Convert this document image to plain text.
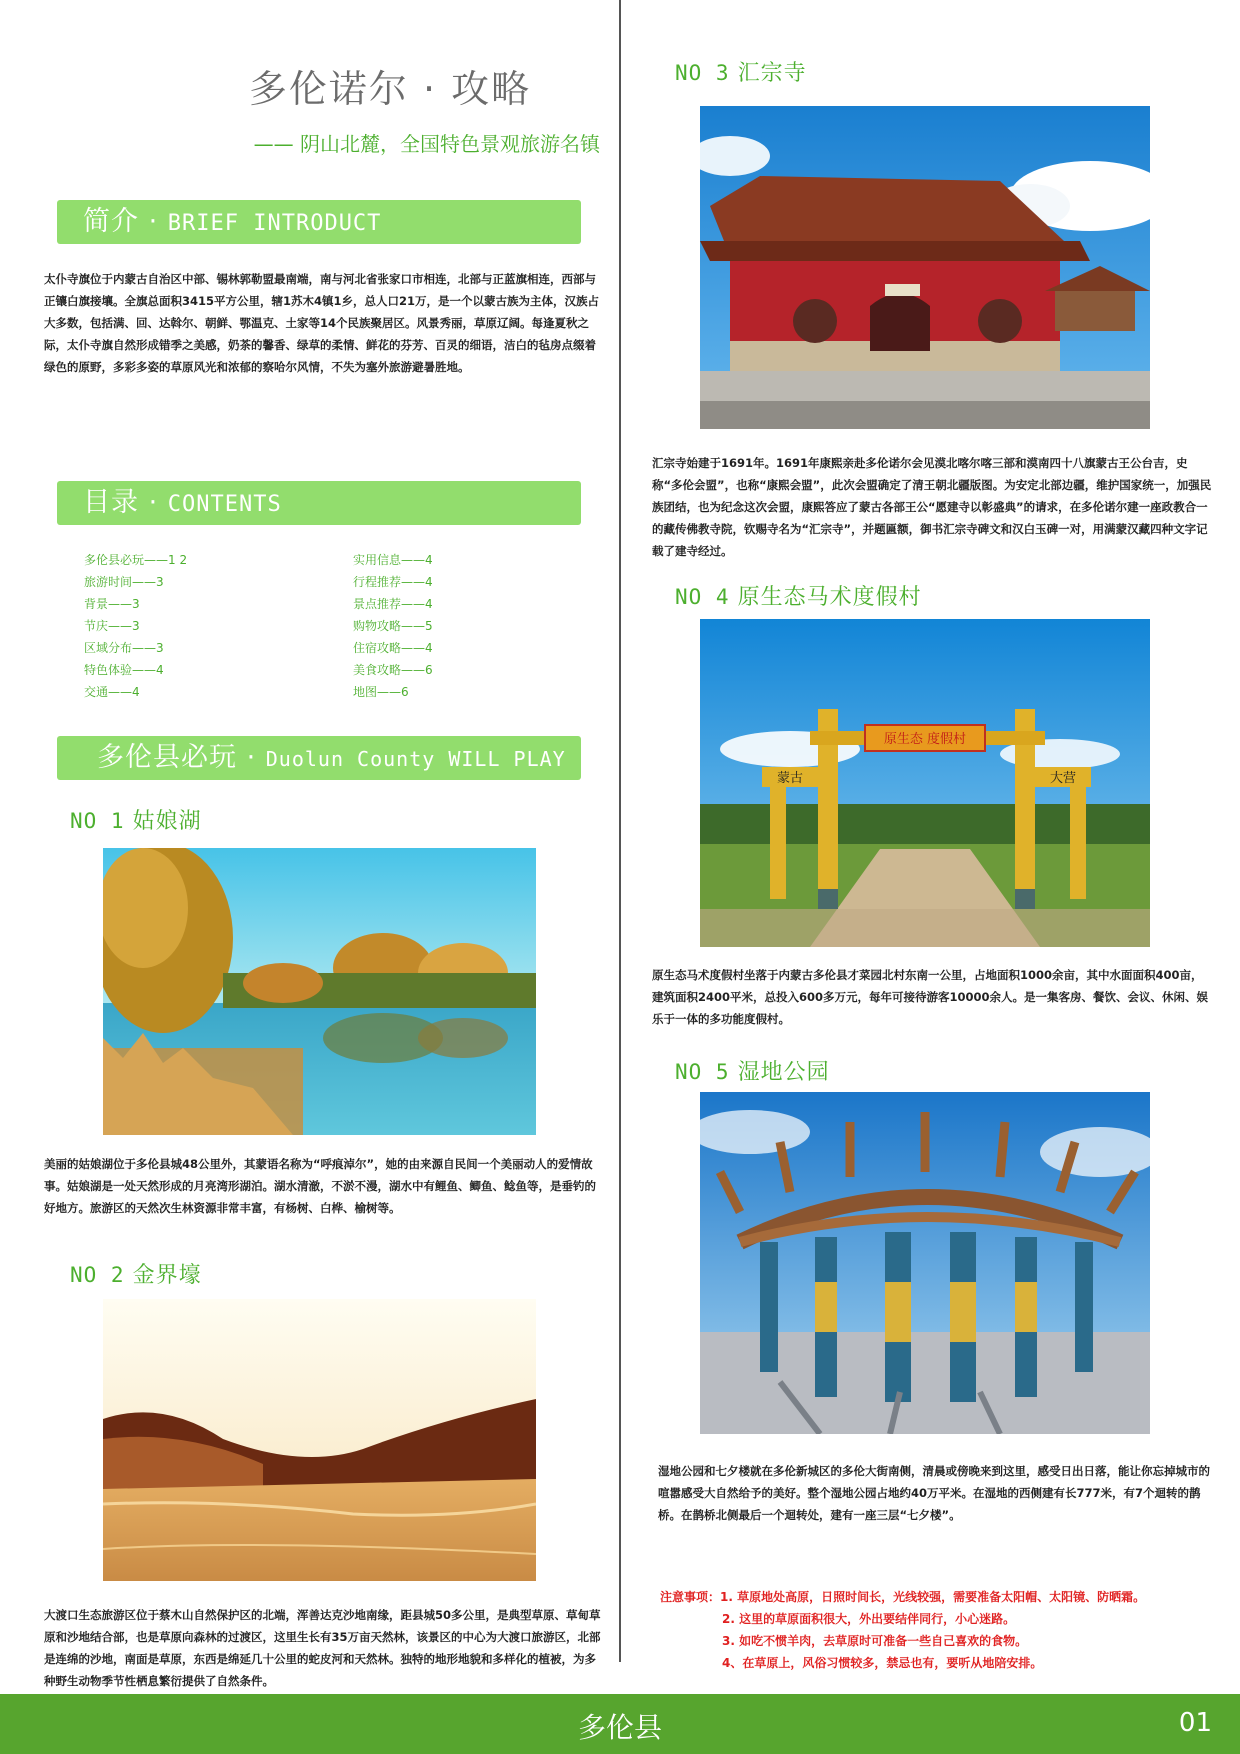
多伦诺尔 · 攻略
—— 阴山北麓，全国特色景观旅游名镇
简介 · BRIEF INTRODUCT

太仆寺旗位于内蒙古自治区中部、锡林郭勒盟最南端，南与河北省张家口市相连，北部与正蓝旗相连，西部与正镶白旗接壤。全旗总面积3415平方公里，辖1苏木4镇1乡，总人口21万，是一个以蒙古族为主体，汉族占大多数，包括满、回、达斡尔、朝鲜、鄂温克、土家等14个民族聚居区。风景秀丽，草原辽阔。每逢夏秋之际，太仆寺旗自然形成错季之美感，奶茶的馨香、绿草的柔情、鲜花的芬芳、百灵的细语，洁白的毡房点缀着绿色的原野，多彩多姿的草原风光和浓郁的察哈尔风情，不失为塞外旅游避暑胜地。

目录 · CONTENTS
多伦县必玩——1 2
旅游时间——3
背景——3
节庆——3
区域分布——3
特色体验——4
交通——4
实用信息——4
行程推荐——4
景点推荐——4
购物攻略——5
住宿攻略——4
美食攻略——6
地图——6
多伦县必玩 · Duolun County WILL PLAY
NO 1 姑娘湖

美丽的姑娘湖位于多伦县城48公里外，其蒙语名称为“呼痕淖尔”，她的由来源自民间一个美丽动人的爱情故事。姑娘湖是一处天然形成的月亮湾形湖泊。湖水清澈，不淤不漫，湖水中有鲤鱼、鲫鱼、鲶鱼等，是垂钓的好地方。旅游区的天然次生林资源非常丰富，有杨树、白桦、榆树等。

NO 2 金界壕

大渡口生态旅游区位于蔡木山自然保护区的北端，浑善达克沙地南缘，距县城50多公里，是典型草原、草甸草原和沙地结合部，也是草原向森林的过渡区，这里生长有35万亩天然林，该景区的中心为大渡口旅游区，北部是连绵的沙地，南面是草原，东西是绵延几十公里的蛇皮河和天然林。独特的地形地貌和多样化的植被，为多种野生动物季节性栖息繁衍提供了自然条件。

NO 3 汇宗寺

汇宗寺始建于1691年。1691年康熙亲赴多伦诺尔会见漠北喀尔喀三部和漠南四十八旗蒙古王公台吉，史称“多伦会盟”，也称“康熙会盟”，此次会盟确定了清王朝北疆版图。为安定北部边疆，维护国家统一，加强民族团结，也为纪念这次会盟，康熙答应了蒙古各部王公“愿建寺以彰盛典”的请求，在多伦诺尔建一座政教合一的藏传佛教寺院，钦赐寺名为“汇宗寺”，并题匾额，御书汇宗寺碑文和汉白玉碑一对，用满蒙汉藏四种文字记载了建寺经过。

NO 4 原生态马术度假村
原生态 度假村
蒙古	大营

原生态马术度假村坐落于内蒙古多伦县才菜园北村东南一公里，占地面积1000余亩，其中水面面积400亩，建筑面积2400平米，总投入600多万元，每年可接待游客10000余人。是一集客房、餐饮、会议、休闲、娱乐于一体的多功能度假村。

NO 5 湿地公园

湿地公园和七夕楼就在多伦新城区的多伦大街南侧，清晨或傍晚来到这里，感受日出日落，能让你忘掉城市的喧嚣感受大自然给予的美好。整个湿地公园占地约40万平米。在湿地的西侧建有长777米，有7个迴转的鹊桥。在鹊桥北侧最后一个迴转处，建有一座三层“七夕楼”。

注意事项：1. 草原地处高原，日照时间长，光线较强，需要准备太阳帽、太阳镜、防晒霜。
2. 这里的草原面积很大，外出要结伴同行，小心迷路。
3. 如吃不惯羊肉，去草原时可准备一些自己喜欢的食物。
4、在草原上，风俗习惯较多，禁忌也有，要听从地陪安排。
多伦县	01
